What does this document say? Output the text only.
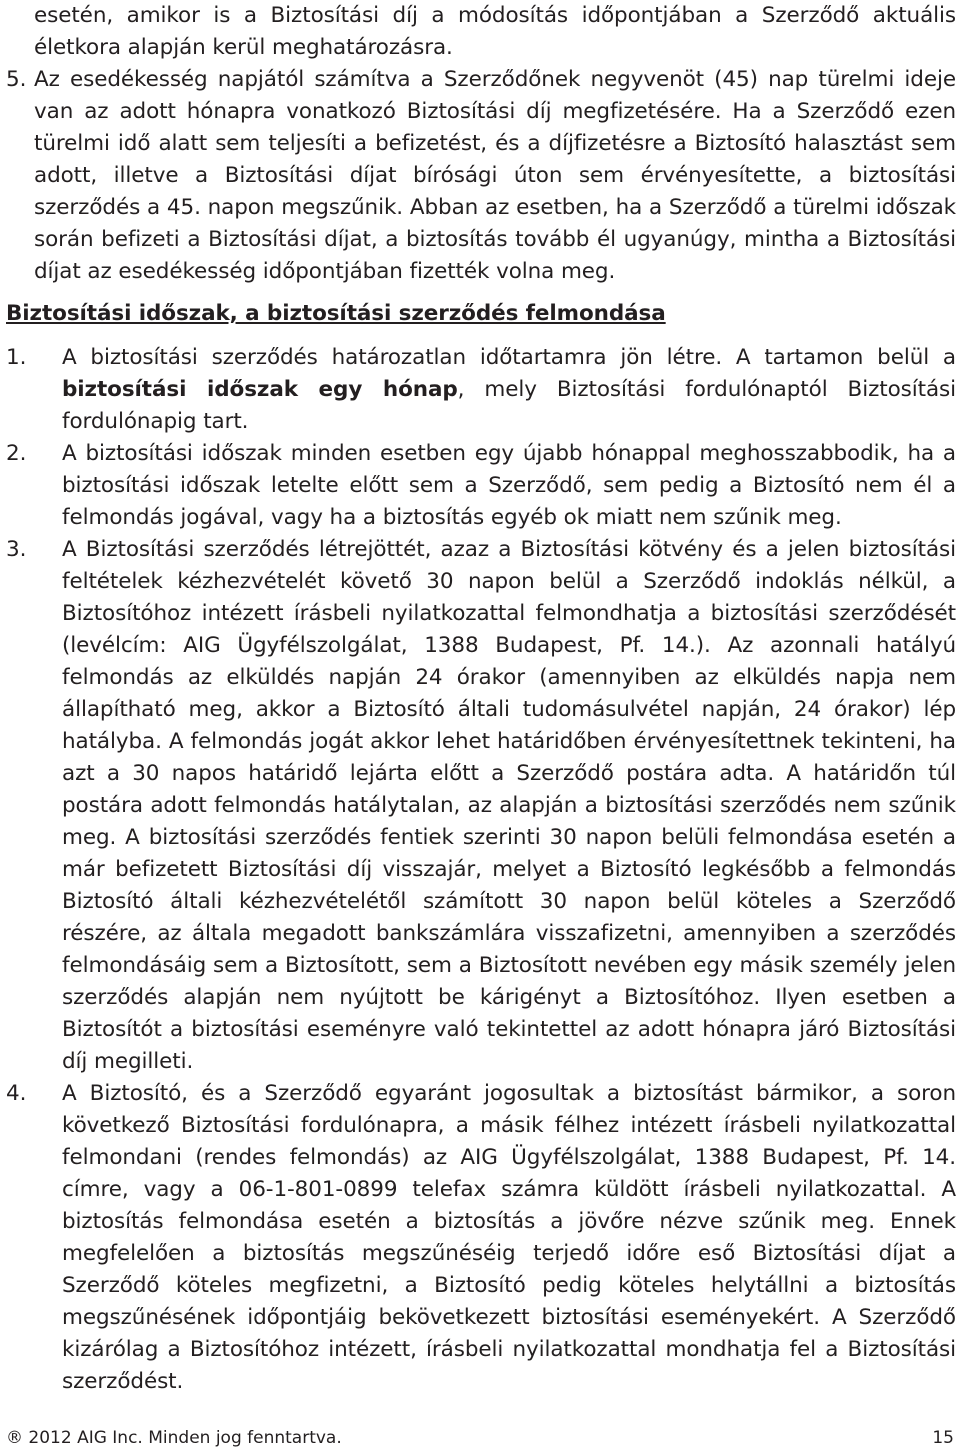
esetén, amikor is a Biztosítási díj a módosítás időpontjában a Szerződő aktuális életkora alapján kerül meghatározásra.

5. Az esedékesség napjától számítva a Szerződőnek negyvenöt (45) nap türelmi ideje van az adott hónapra vonatkozó Biztosítási díj megfizetésére. Ha a Szerződő ezen türelmi idő alatt sem teljesíti a befizetést, és a díjfizetésre a Biztosító halasztást sem adott, illetve a Biztosítási díjat bírósági úton sem érvényesítette, a biztosítási szerződés a 45. napon megszűnik. Abban az esetben, ha a Szerződő a türelmi időszak során befizeti a Biztosítási díjat, a biztosítás tovább él ugyanúgy, mintha a Biztosítási díjat az esedékesség időpontjában fizették volna meg.
Biztosítási időszak, a biztosítási szerződés felmondása
1. A biztosítási szerződés határozatlan időtartamra jön létre. A tartamon belül a biztosítási időszak egy hónap, mely Biztosítási fordulónaptól Biztosítási fordulónapig tart.
2. A biztosítási időszak minden esetben egy újabb hónappal meghosszabbodik, ha a biztosítási időszak letelte előtt sem a Szerződő, sem pedig a Biztosító nem él a felmondás jogával, vagy ha a biztosítás egyéb ok miatt nem szűnik meg.
3. A Biztosítási szerződés létrejöttét, azaz a Biztosítási kötvény és a jelen biztosítási feltételek kézhezvételét követő 30 napon belül a Szerződő indoklás nélkül, a Biztosítóhoz intézett írásbeli nyilatkozattal felmondhatja a biztosítási szerződését (levélcím: AIG Ügyfélszolgálat, 1388 Budapest, Pf. 14.). Az azonnali hatályú felmondás az elküldés napján 24 órakor (amennyiben az elküldés napja nem állapítható meg, akkor a Biztosító általi tudomásulvétel napján, 24 órakor) lép hatályba. A felmondás jogát akkor lehet határidőben érvényesítettnek tekinteni, ha azt a 30 napos határidő lejárta előtt a Szerződő postára adta. A határidőn túl postára adott felmondás hatálytalan, az alapján a biztosítási szerződés nem szűnik meg. A biztosítási szerződés fentiek szerinti 30 napon belüli felmondása esetén a már befizetett Biztosítási díj visszajár, melyet a Biztosító legkésőbb a felmondás Biztosító általi kézhezvételétől számított 30 napon belül köteles a Szerződő részére, az általa megadott bankszámlára visszafizetni, amennyiben a szerződés felmondásáig sem a Biztosított, sem a Biztosított nevében egy másik személy jelen szerződés alapján nem nyújtott be kárigényt a Biztosítóhoz. Ilyen esetben a Biztosítót a biztosítási eseményre való tekintettel az adott hónapra járó Biztosítási díj megilleti.
4. A Biztosító, és a Szerződő egyaránt jogosultak a biztosítást bármikor, a soron következő Biztosítási fordulónapra, a másik félhez intézett írásbeli nyilatkozattal felmondani (rendes felmondás) az AIG Ügyfélszolgálat, 1388 Budapest, Pf. 14. címre, vagy a 06-1-801-0899 telefax számra küldött írásbeli nyilatkozattal. A biztosítás felmondása esetén a biztosítás a jövőre nézve szűnik meg. Ennek megfelelően a biztosítás megszűnéséig terjedő időre eső Biztosítási díjat a Szerződő köteles megfizetni, a Biztosító pedig köteles helytállni a biztosítás megszűnésének időpontjáig bekövetkezett biztosítási eseményekért. A Szerződő kizárólag a Biztosítóhoz intézett, írásbeli nyilatkozattal mondhatja fel a Biztosítási szerződést.
® 2012 AIG Inc. Minden jog fenntartva.	15
